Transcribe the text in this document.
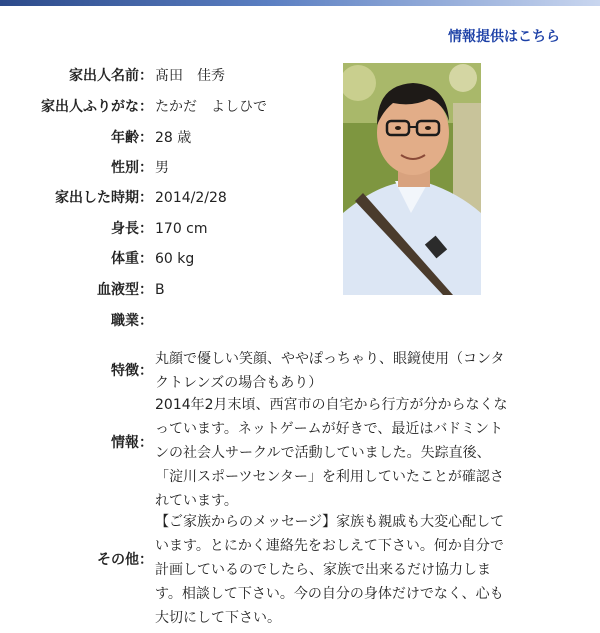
情報提供はこちら
家出人名前： 髙田　佳秀
家出人ふりがな： たかだ　よしひで
年齢： 28 歳
性別： 男
家出した時期： 2014/2/28
身長： 170 cm
体重： 60 kg
血液型： B
職業：
特徴：
丸顔で優しい笑顔、ややぽっちゃり、眼鏡使用（コンタクトレンズの場合もあり）
情報：
2014年2月末頃、西宮市の自宅から行方が分からなくなっています。ネットゲームが好きで、最近はバドミントンの社会人サークルで活動していました。失踪直後、「淀川スポーツセンター」を利用していたことが確認されています。
その他：
【ご家族からのメッセージ】家族も親戚も大変心配しています。とにかく連絡先をおしえて下さい。何か自分で計画しているのでしたら、家族で出来るだけ協力します。相談して下さい。今の自分の身体だけでなく、心も大切にして下さい。
